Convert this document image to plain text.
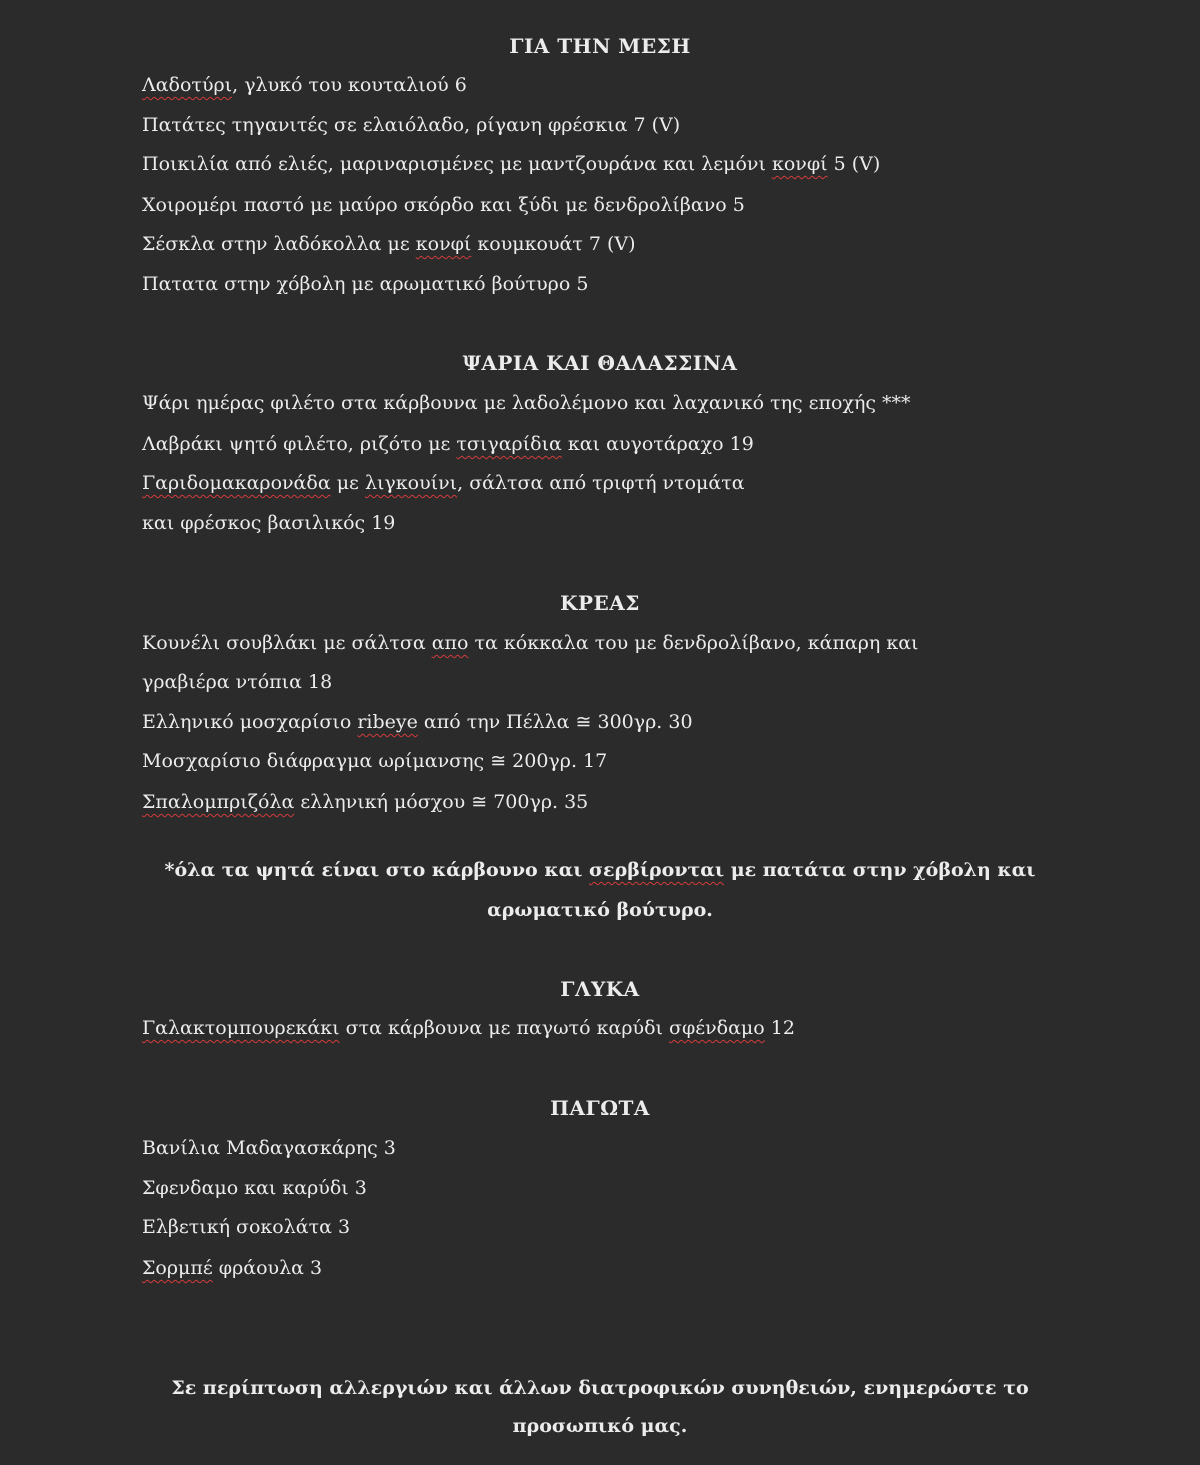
ΓΙΑ ΤΗΝ ΜΕΣΗ
Λαδοτύρι, γλυκό του κουταλιού 6
Πατάτες τηγανιτές σε ελαιόλαδο, ρίγανη φρέσκια 7 (V)
Ποικιλία από ελιές, μαριναρισμένες με μαντζουράνα και λεμόνι κονφί 5 (V)
Χοιρομέρι παστό με μαύρο σκόρδο και ξύδι με δενδρολίβανο 5
Σέσκλα στην λαδόκολλα με κονφί κουμκουάτ 7 (V)
Πατατα στην χόβολη με αρωματικό βούτυρο 5
ΨΑΡΙΑ ΚΑΙ ΘΑΛΑΣΣΙΝΑ
Ψάρι ημέρας φιλέτο στα κάρβουνα με λαδολέμονο και λαχανικό της εποχής ***
Λαβράκι ψητό φιλέτο, ριζότο με τσιγαρίδια και αυγοτάραχο 19
Γαριδομακαρονάδα με λιγκουίνι, σάλτσα από τριφτή ντομάτα
και φρέσκος βασιλικός 19
ΚΡΕΑΣ
Κουνέλι σουβλάκι με σάλτσα απο τα κόκκαλα του με δενδρολίβανο, κάπαρη και
γραβιέρα ντόπια 18
Ελληνικό μοσχαρίσιο ribeye από την Πέλλα ≅ 300γρ. 30
Μοσχαρίσιο διάφραγμα ωρίμανσης ≅ 200γρ. 17
Σπαλομπριζόλα ελληνική μόσχου ≅ 700γρ. 35
*όλα τα ψητά είναι στο κάρβουνο και σερβίρονται με πατάτα στην χόβολη και
αρωματικό βούτυρο.
ΓΛΥΚΑ
Γαλακτομπουρεκάκι στα κάρβουνα με παγωτό καρύδι σφένδαμο 12
ΠΑΓΩΤΑ
Βανίλια Μαδαγασκάρης 3
Σφενδαμο και καρύδι 3
Ελβετική σοκολάτα 3
Σορμπέ φράουλα 3
Σε περίπτωση αλλεργιών και άλλων διατροφικών συνηθειών, ενημερώστε το
προσωπικό μας.
